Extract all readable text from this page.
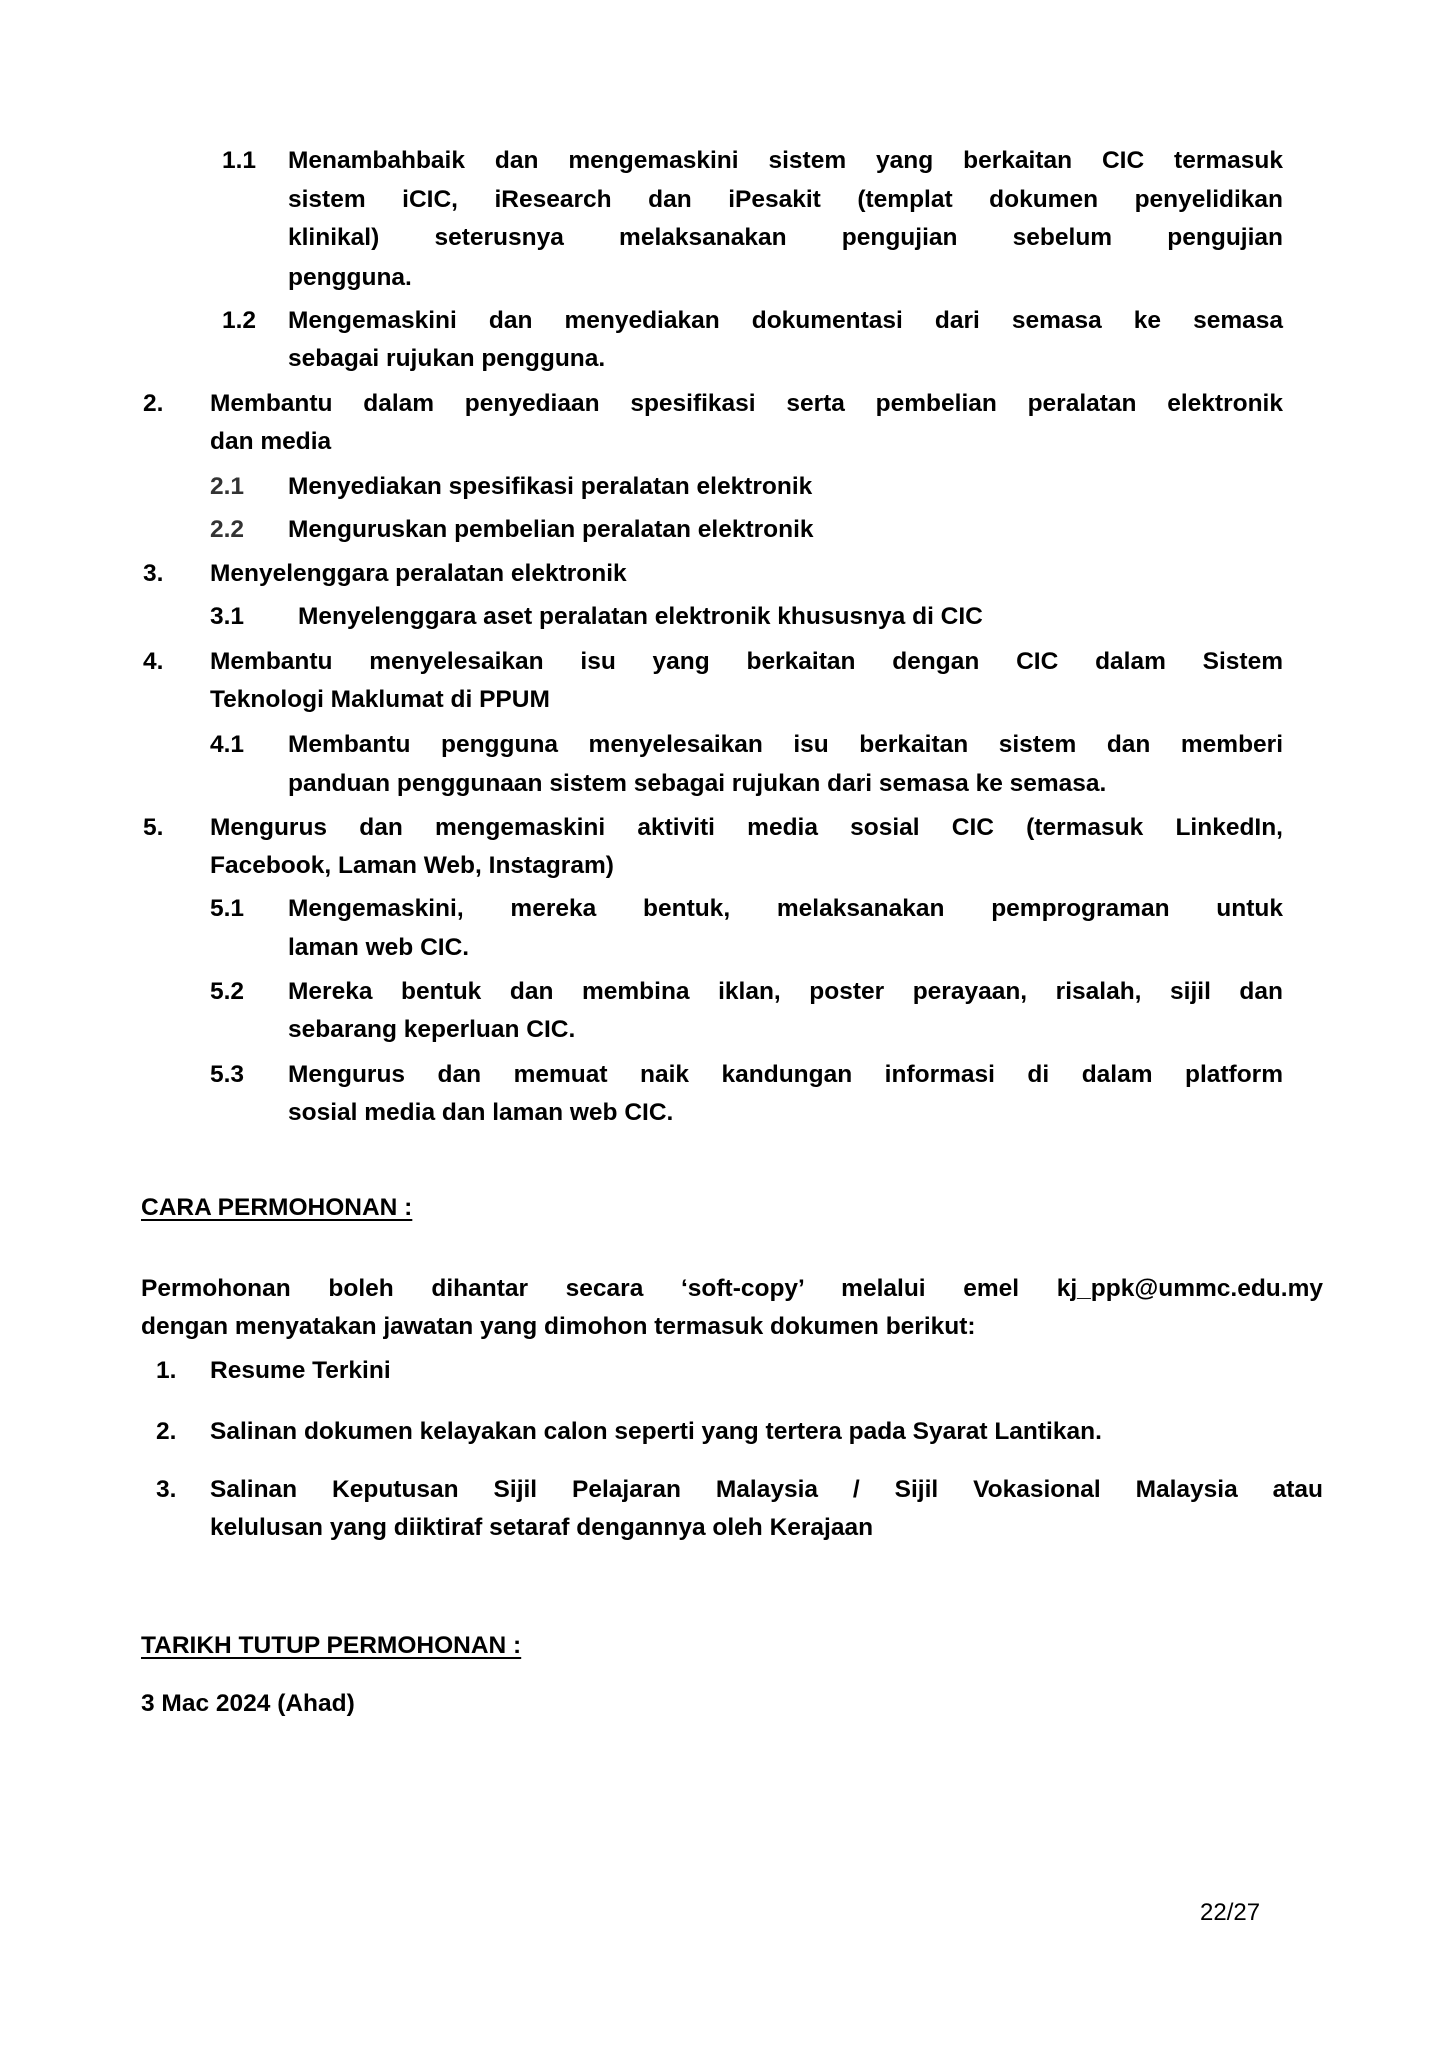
1.1 Menambahbaik dan mengemaskini sistem yang berkaitan CIC termasuk
sistem iCIC, iResearch dan iPesakit (templat dokumen penyelidikan
klinikal) seterusnya melaksanakan pengujian sebelum pengujian
pengguna.
1.2 Mengemaskini dan menyediakan dokumentasi dari semasa ke semasa
sebagai rujukan pengguna.
2. Membantu dalam penyediaan spesifikasi serta pembelian peralatan elektronik
dan media
2.1 Menyediakan spesifikasi peralatan elektronik
2.2 Menguruskan pembelian peralatan elektronik
3. Menyelenggara peralatan elektronik
3.1 Menyelenggara aset peralatan elektronik khususnya di CIC
4. Membantu menyelesaikan isu yang berkaitan dengan CIC dalam Sistem
Teknologi Maklumat di PPUM
4.1 Membantu pengguna menyelesaikan isu berkaitan sistem dan memberi
panduan penggunaan sistem sebagai rujukan dari semasa ke semasa.
5. Mengurus dan mengemaskini aktiviti media sosial CIC (termasuk LinkedIn,
Facebook, Laman Web, Instagram)
5.1 Mengemaskini, mereka bentuk, melaksanakan pemprograman untuk
laman web CIC.
5.2 Mereka bentuk dan membina iklan, poster perayaan, risalah, sijil dan
sebarang keperluan CIC.
5.3 Mengurus dan memuat naik kandungan informasi di dalam platform
sosial media dan laman web CIC.
CARA PERMOHONAN :
Permohonan boleh dihantar secara ‘soft-copy’ melalui emel kj_ppk@ummc.edu.my
dengan menyatakan jawatan yang dimohon termasuk dokumen berikut:
1. Resume Terkini
2. Salinan dokumen kelayakan calon seperti yang tertera pada Syarat Lantikan.
3. Salinan Keputusan Sijil Pelajaran Malaysia / Sijil Vokasional Malaysia atau
kelulusan yang diiktiraf setaraf dengannya oleh Kerajaan
TARIKH TUTUP PERMOHONAN :
3 Mac 2024 (Ahad)
22/27
